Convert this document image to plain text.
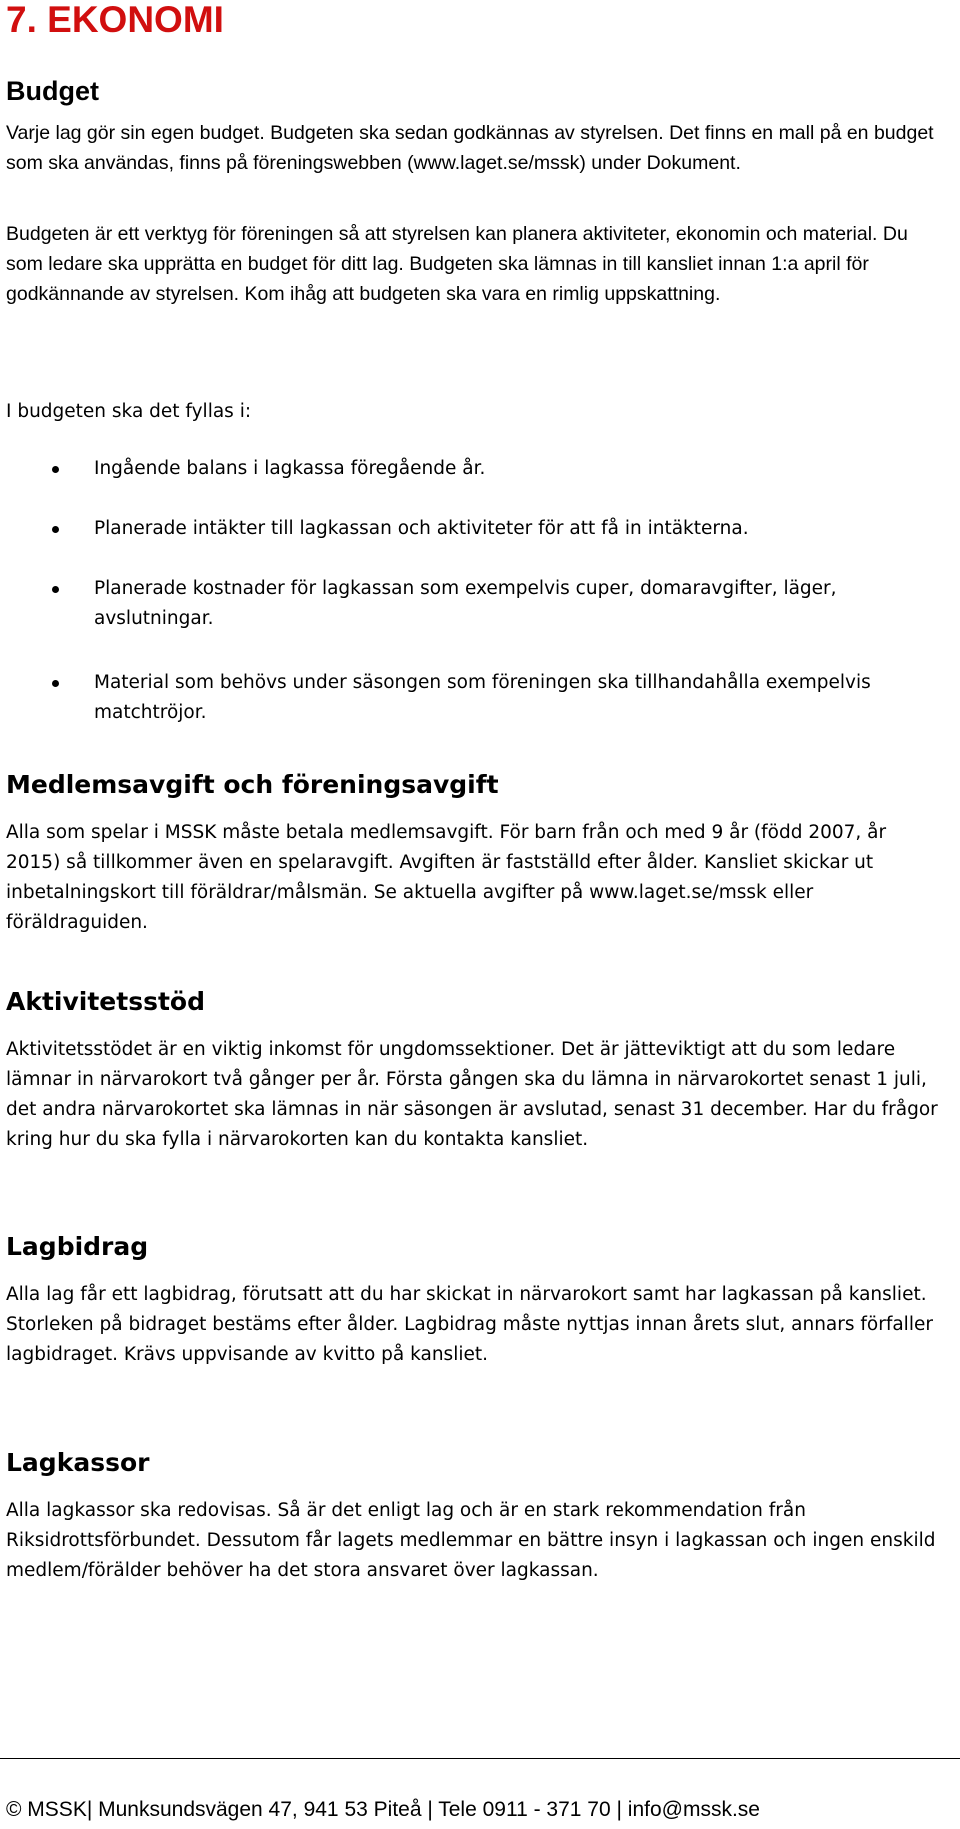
7. EKONOMI
Budget

Varje lag gör sin egen budget. Budgeten ska sedan godkännas av styrelsen. Det finns en mall på en budget som ska användas, finns på föreningswebben (www.laget.se/mssk) under Dokument.

Budgeten är ett verktyg för föreningen så att styrelsen kan planera aktiviteter, ekonomin och material. Du som ledare ska upprätta en budget för ditt lag. Budgeten ska lämnas in till kansliet innan 1:a april för godkännande av styrelsen. Kom ihåg att budgeten ska vara en rimlig uppskattning.

I budgeten ska det fyllas i:

Ingående balans i lagkassa föregående år.
Planerade intäkter till lagkassan och aktiviteter för att få in intäkterna.
Planerade kostnader för lagkassan som exempelvis cuper, domaravgifter, läger, avslutningar.
Material som behövs under säsongen som föreningen ska tillhandahålla exempelvis matchtröjor.
Medlemsavgift och föreningsavgift

Alla som spelar i MSSK måste betala medlemsavgift. För barn från och med 9 år (född 2007, år 2015) så tillkommer även en spelaravgift. Avgiften är fastställd efter ålder. Kansliet skickar ut inbetalningskort till föräldrar/målsmän. Se aktuella avgifter på www.laget.se/mssk eller föräldraguiden.

Aktivitetsstöd

Aktivitetsstödet är en viktig inkomst för ungdomssektioner. Det är jätteviktigt att du som ledare lämnar in närvarokort två gånger per år. Första gången ska du lämna in närvarokortet senast 1 juli, det andra närvarokortet ska lämnas in när säsongen är avslutad, senast 31 december. Har du frågor kring hur du ska fylla i närvarokorten kan du kontakta kansliet.

Lagbidrag

Alla lag får ett lagbidrag, förutsatt att du har skickat in närvarokort samt har lagkassan på kansliet. Storleken på bidraget bestäms efter ålder. Lagbidrag måste nyttjas innan årets slut, annars förfaller lagbidraget. Krävs uppvisande av kvitto på kansliet.

Lagkassor

Alla lagkassor ska redovisas. Så är det enligt lag och är en stark rekommendation från Riksidrottsförbundet. Dessutom får lagets medlemmar en bättre insyn i lagkassan och ingen enskild medlem/förälder behöver ha det stora ansvaret över lagkassan.

© MSSK| Munksundsvägen 47, 941 53 Piteå | Tele 0911 - 371 70 | info@mssk.se
